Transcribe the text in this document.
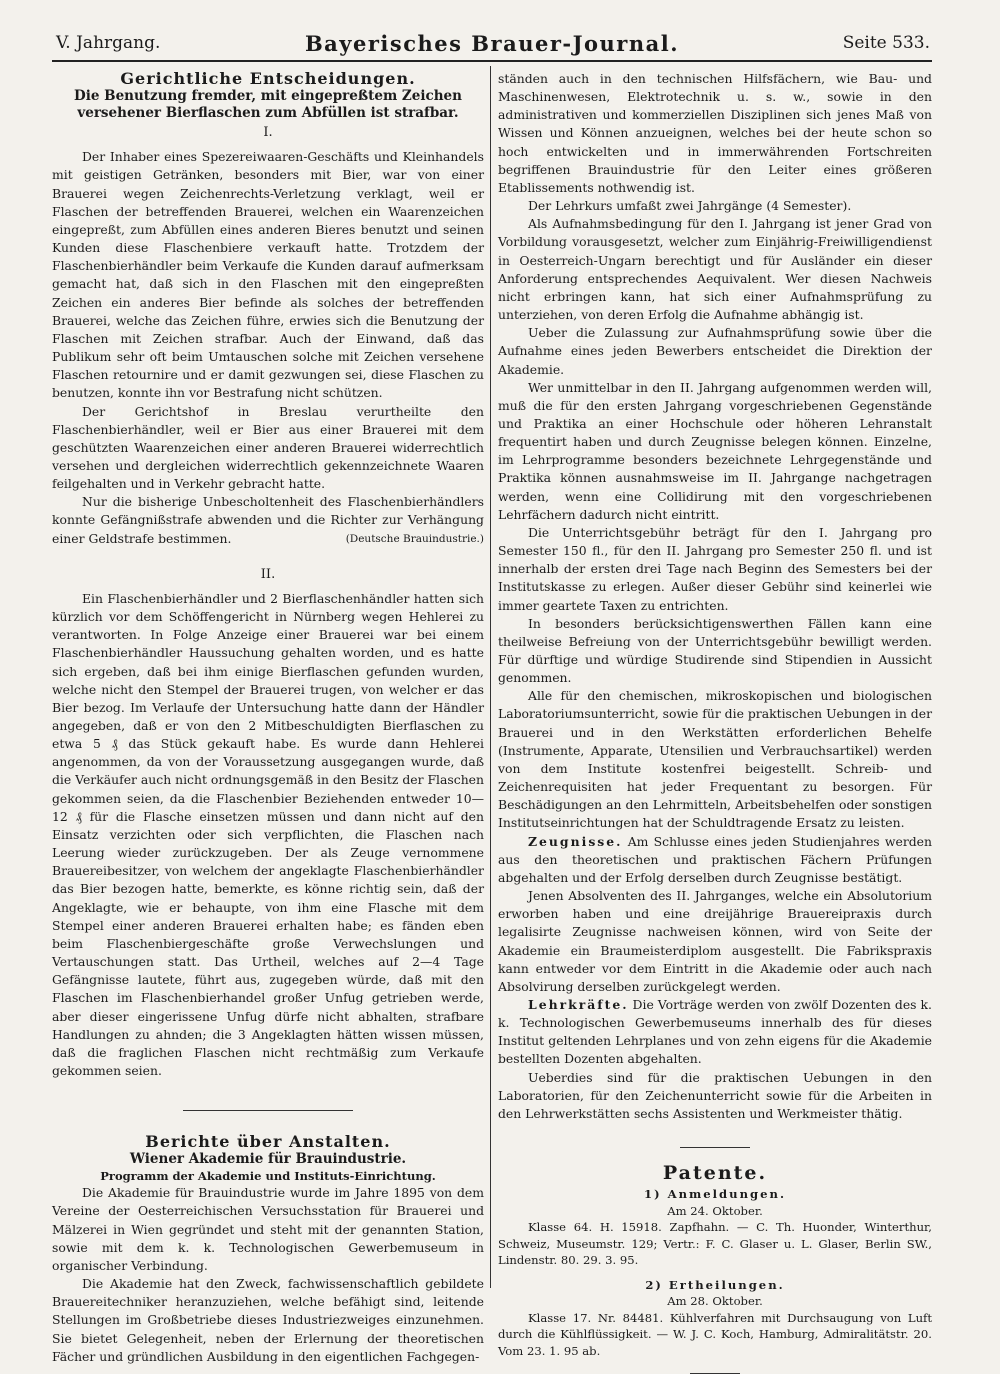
V. Jahrgang.	Bayerisches Brauer-Journal.	Seite 533.
Gerichtliche Entscheidungen.
Die Benutzung fremder, mit eingepreßtem Zeichen versehener Bierflaschen zum Abfüllen ist strafbar.
I.

Der Inhaber eines Spezereiwaaren-Geschäfts und Kleinhandels mit geistigen Getränken, besonders mit Bier, war von einer Brauerei wegen Zeichenrechts-Verletzung verklagt, weil er Flaschen der betreffenden Brauerei, welchen ein Waarenzeichen eingepreßt, zum Abfüllen eines anderen Bieres benutzt und seinen Kunden diese Flaschenbiere verkauft hatte. Trotzdem der Flaschenbierhändler beim Verkaufe die Kunden darauf aufmerksam gemacht hat, daß sich in den Flaschen mit den eingepreßten Zeichen ein anderes Bier befinde als solches der betreffenden Brauerei, welche das Zeichen führe, erwies sich die Benutzung der Flaschen mit Zeichen strafbar. Auch der Einwand, daß das Publikum sehr oft beim Umtauschen solche mit Zeichen versehene Flaschen retournire und er damit gezwungen sei, diese Flaschen zu benutzen, konnte ihn vor Bestrafung nicht schützen.

Der Gerichtshof in Breslau verurtheilte den Flaschenbierhändler, weil er Bier aus einer Brauerei mit dem geschützten Waarenzeichen einer anderen Brauerei widerrechtlich versehen und dergleichen widerrechtlich gekennzeichnete Waaren feilgehalten und in Verkehr gebracht hatte.

Nur die bisherige Unbescholtenheit des Flaschenbierhändlers konnte Gefängnißstrafe abwenden und die Richter zur Verhängung einer Geldstrafe bestimmen.	(Deutsche Brauindustrie.)

II.

Ein Flaschenbierhändler und 2 Bierflaschenhändler hatten sich kürzlich vor dem Schöffengericht in Nürnberg wegen Hehlerei zu verantworten. In Folge Anzeige einer Brauerei war bei einem Flaschenbierhändler Haussuchung gehalten worden, und es hatte sich ergeben, daß bei ihm einige Bierflaschen gefunden wurden, welche nicht den Stempel der Brauerei trugen, von welcher er das Bier bezog. Im Verlaufe der Untersuchung hatte dann der Händler angegeben, daß er von den 2 Mitbeschuldigten Bierflaschen zu etwa 5 ₰ das Stück gekauft habe. Es wurde dann Hehlerei angenommen, da von der Voraussetzung ausgegangen wurde, daß die Verkäufer auch nicht ordnungsgemäß in den Besitz der Flaschen gekommen seien, da die Flaschenbier Beziehenden entweder 10—12 ₰ für die Flasche einsetzen müssen und dann nicht auf den Einsatz verzichten oder sich verpflichten, die Flaschen nach Leerung wieder zurückzugeben. Der als Zeuge vernommene Brauereibesitzer, von welchem der angeklagte Flaschenbierhändler das Bier bezogen hatte, bemerkte, es könne richtig sein, daß der Angeklagte, wie er behaupte, von ihm eine Flasche mit dem Stempel einer anderen Brauerei erhalten habe; es fänden eben beim Flaschenbiergeschäfte große Verwechslungen und Vertauschungen statt. Das Urtheil, welches auf 2—4 Tage Gefängnisse lautete, führt aus, zugegeben würde, daß mit den Flaschen im Flaschenbierhandel großer Unfug getrieben werde, aber dieser eingerissene Unfug dürfe nicht abhalten, strafbare Handlungen zu ahnden; die 3 Angeklagten hätten wissen müssen, daß die fraglichen Flaschen nicht rechtmäßig zum Verkaufe gekommen seien.

Berichte über Anstalten.
Wiener Akademie für Brauindustrie.
Programm der Akademie und Instituts-Einrichtung.

Die Akademie für Brauindustrie wurde im Jahre 1895 von dem Vereine der Oesterreichischen Versuchsstation für Brauerei und Mälzerei in Wien gegründet und steht mit der genannten Station, sowie mit dem k. k. Technologischen Gewerbemuseum in organischer Verbindung.

Die Akademie hat den Zweck, fachwissenschaftlich gebildete Brauereitechniker heranzuziehen, welche befähigt sind, leitende Stellungen im Großbetriebe dieses Industriezweiges einzunehmen. Sie bietet Gelegenheit, neben der Erlernung der theoretischen Fächer und gründlichen Ausbildung in den eigentlichen Fachgegen-

ständen auch in den technischen Hilfsfächern, wie Bau- und Maschinenwesen, Elektrotechnik u. s. w., sowie in den administrativen und kommerziellen Disziplinen sich jenes Maß von Wissen und Können anzueignen, welches bei der heute schon so hoch entwickelten und in immerwährenden Fortschreiten begriffenen Brauindustrie für den Leiter eines größeren Etablissements nothwendig ist.

Der Lehrkurs umfaßt zwei Jahrgänge (4 Semester).

Als Aufnahmsbedingung für den I. Jahrgang ist jener Grad von Vorbildung vorausgesetzt, welcher zum Einjährig-Freiwilligendienst in Oesterreich-Ungarn berechtigt und für Ausländer ein dieser Anforderung entsprechendes Aequivalent. Wer diesen Nachweis nicht erbringen kann, hat sich einer Aufnahmsprüfung zu unterziehen, von deren Erfolg die Aufnahme abhängig ist.

Ueber die Zulassung zur Aufnahmsprüfung sowie über die Aufnahme eines jeden Bewerbers entscheidet die Direktion der Akademie.

Wer unmittelbar in den II. Jahrgang aufgenommen werden will, muß die für den ersten Jahrgang vorgeschriebenen Gegenstände und Praktika an einer Hochschule oder höheren Lehranstalt frequentirt haben und durch Zeugnisse belegen können. Einzelne, im Lehrprogramme besonders bezeichnete Lehrgegenstände und Praktika können ausnahmsweise im II. Jahrgange nachgetragen werden, wenn eine Collidirung mit den vorgeschriebenen Lehrfächern dadurch nicht eintritt.

Die Unterrichtsgebühr beträgt für den I. Jahrgang pro Semester 150 fl., für den II. Jahrgang pro Semester 250 fl. und ist innerhalb der ersten drei Tage nach Beginn des Semesters bei der Institutskasse zu erlegen. Außer dieser Gebühr sind keinerlei wie immer geartete Taxen zu entrichten.

In besonders berücksichtigenswerthen Fällen kann eine theilweise Befreiung von der Unterrichtsgebühr bewilligt werden. Für dürftige und würdige Studirende sind Stipendien in Aussicht genommen.

Alle für den chemischen, mikroskopischen und biologischen Laboratoriumsunterricht, sowie für die praktischen Uebungen in der Brauerei und in den Werkstätten erforderlichen Behelfe (Instrumente, Apparate, Utensilien und Verbrauchsartikel) werden von dem Institute kostenfrei beigestellt. Schreib- und Zeichenrequisiten hat jeder Frequentant zu besorgen. Für Beschädigungen an den Lehrmitteln, Arbeitsbehelfen oder sonstigen Institutseinrichtungen hat der Schuldtragende Ersatz zu leisten.

Zeugnisse. Am Schlusse eines jeden Studienjahres werden aus den theoretischen und praktischen Fächern Prüfungen abgehalten und der Erfolg derselben durch Zeugnisse bestätigt.

Jenen Absolventen des II. Jahrganges, welche ein Absolutorium erworben haben und eine dreijährige Brauereipraxis durch legalisirte Zeugnisse nachweisen können, wird von Seite der Akademie ein Braumeisterdiplom ausgestellt. Die Fabrikspraxis kann entweder vor dem Eintritt in die Akademie oder auch nach Absolvirung derselben zurückgelegt werden.

Lehrkräfte. Die Vorträge werden von zwölf Dozenten des k. k. Technologischen Gewerbemuseums innerhalb des für dieses Institut geltenden Lehrplanes und von zehn eigens für die Akademie bestellten Dozenten abgehalten.

Ueberdies sind für die praktischen Uebungen in den Laboratorien, für den Zeichenunterricht sowie für die Arbeiten in den Lehrwerkstätten sechs Assistenten und Werkmeister thätig.

Patente.

1) Anmeldungen.

Am 24. Oktober.

Klasse 64. H. 15918. Zapfhahn. — C. Th. Huonder, Winterthur, Schweiz, Museumstr. 129; Vertr.: F. C. Glaser u. L. Glaser, Berlin SW., Lindenstr. 80. 29. 3. 95.

2) Ertheilungen.

Am 28. Oktober.

Klasse 17. Nr. 84481. Kühlverfahren mit Durchsaugung von Luft durch die Kühlflüssigkeit. — W. J. C. Koch, Hamburg, Admiralitätstr. 20. Vom 23. 1. 95 ab.
